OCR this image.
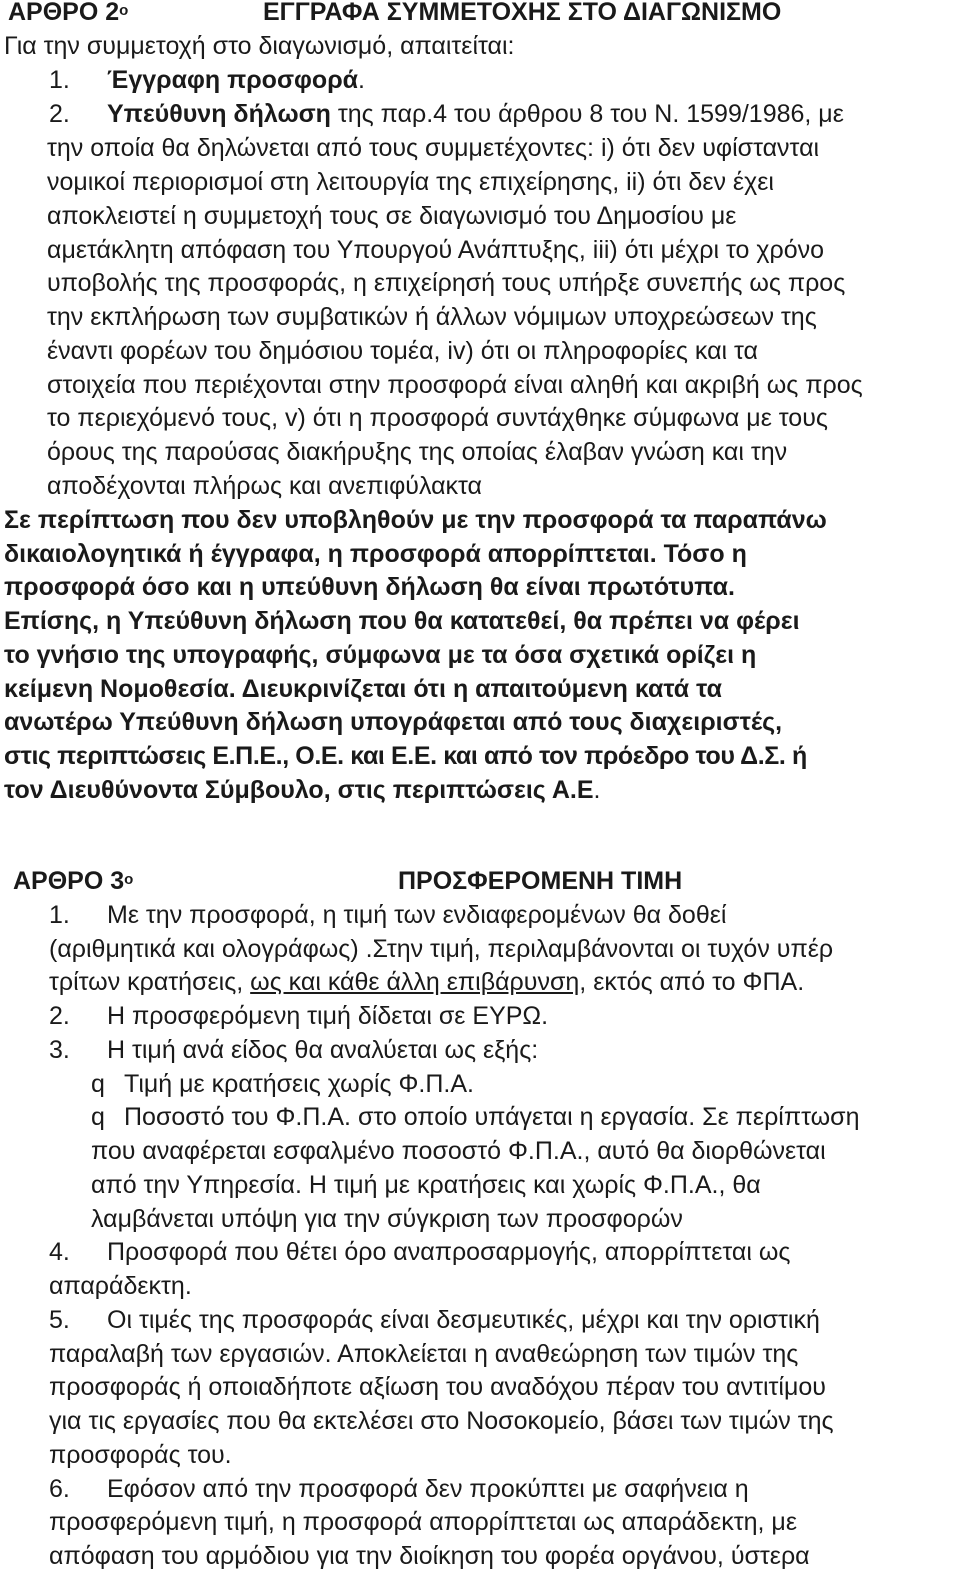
ΑΡΘΡΟ $2^o$	ΕΓΓΡΑΦΑ ΣΥΜΜΕΤΟΧΗΣ ΣΤΟ ΔΙΑΓΩΝΙΣΜΟ
Για την συμμετοχή στο διαγωνισμό, απαιτείται:
1. Έγγραφη προσφορά.
2. Υπεύθυνη δήλωση της παρ.4 του άρθρου 8 του Ν. 1599/1986, με
την οποία θα δηλώνεται από τους συμμετέχοντες: i) ότι δεν υφίστανται
νομικοί περιορισμοί στη λειτουργία της επιχείρησης, ii) ότι δεν έχει
αποκλειστεί η συμμετοχή τους σε διαγωνισμό του Δημοσίου με
αμετάκλητη απόφαση του Υπουργού Ανάπτυξης, iii) ότι μέχρι το χρόνο
υποβολής της προσφοράς, η επιχείρησή τους υπήρξε συνεπής ως προς
την εκπλήρωση των συμβατικών ή άλλων νόμιμων υποχρεώσεων της
έναντι φορέων του δημόσιου τομέα, iv) ότι οι πληροφορίες και τα
στοιχεία που περιέχονται στην προσφορά είναι αληθή και ακριβή ως προς
το περιεχόμενό τους, v) ότι η προσφορά συντάχθηκε σύμφωνα με τους
όρους της παρούσας διακήρυξης της οποίας έλαβαν γνώση και την
αποδέχονται πλήρως και ανεπιφύλακτα
Σε περίπτωση που δεν υποβληθούν με την προσφορά τα παραπάνω
δικαιολογητικά ή έγγραφα, η προσφορά απορρίπτεται. Τόσο η
προσφορά όσο και η υπεύθυνη δήλωση θα είναι πρωτότυπα.
Επίσης, η Υπεύθυνη δήλωση που θα κατατεθεί, θα πρέπει να φέρει
το γνήσιο της υπογραφής, σύμφωνα με τα όσα σχετικά ορίζει η
κείμενη Νομοθεσία. Διευκρινίζεται ότι η απαιτούμενη κατά τα
ανωτέρω Υπεύθυνη δήλωση υπογράφεται από τους διαχειριστές,
στις περιπτώσεις Ε.Π.Ε., Ο.Ε. και Ε.Ε. και από τον πρόεδρο του Δ.Σ. ή
τον Διευθύνοντα Σύμβουλο, στις περιπτώσεις Α.Ε.
ΑΡΘΡΟ $3^o$	ΠΡΟΣΦΕΡΟΜΕΝΗ ΤΙΜΗ
1. Με την προσφορά, η τιμή των ενδιαφερομένων θα δοθεί
(αριθμητικά και ολογράφως) .Στην τιμή, περιλαμβάνονται οι τυχόν υπέρ
τρίτων κρατήσεις, ως και κάθε άλλη επιβάρυνση, εκτός από το ΦΠΑ.
2. Η προσφερόμενη τιμή δίδεται σε ΕΥΡΩ.
3. Η τιμή ανά είδος θα αναλύεται ως εξής:
q Τιμή με κρατήσεις χωρίς Φ.Π.Α.
q Ποσοστό του Φ.Π.Α. στο οποίο υπάγεται η εργασία. Σε περίπτωση
που αναφέρεται εσφαλμένο ποσοστό Φ.Π.Α., αυτό θα διορθώνεται
από την Υπηρεσία. Η τιμή με κρατήσεις και χωρίς Φ.Π.Α., θα
λαμβάνεται υπόψη για την σύγκριση των προσφορών
4. Προσφορά που θέτει όρο αναπροσαρμογής, απορρίπτεται ως
απαράδεκτη.
5. Οι τιμές της προσφοράς είναι δεσμευτικές, μέχρι και την οριστική
παραλαβή των εργασιών. Αποκλείεται η αναθεώρηση των τιμών της
προσφοράς ή οποιαδήποτε αξίωση του αναδόχου πέραν του αντιτίμου
για τις εργασίες που θα εκτελέσει στο Νοσοκομείο, βάσει των τιμών της
προσφοράς του.
6. Εφόσον από την προσφορά δεν προκύπτει με σαφήνεια η
προσφερόμενη τιμή, η προσφορά απορρίπτεται ως απαράδεκτη, με
απόφαση του αρμόδιου για την διοίκηση του φορέα οργάνου, ύστερα
